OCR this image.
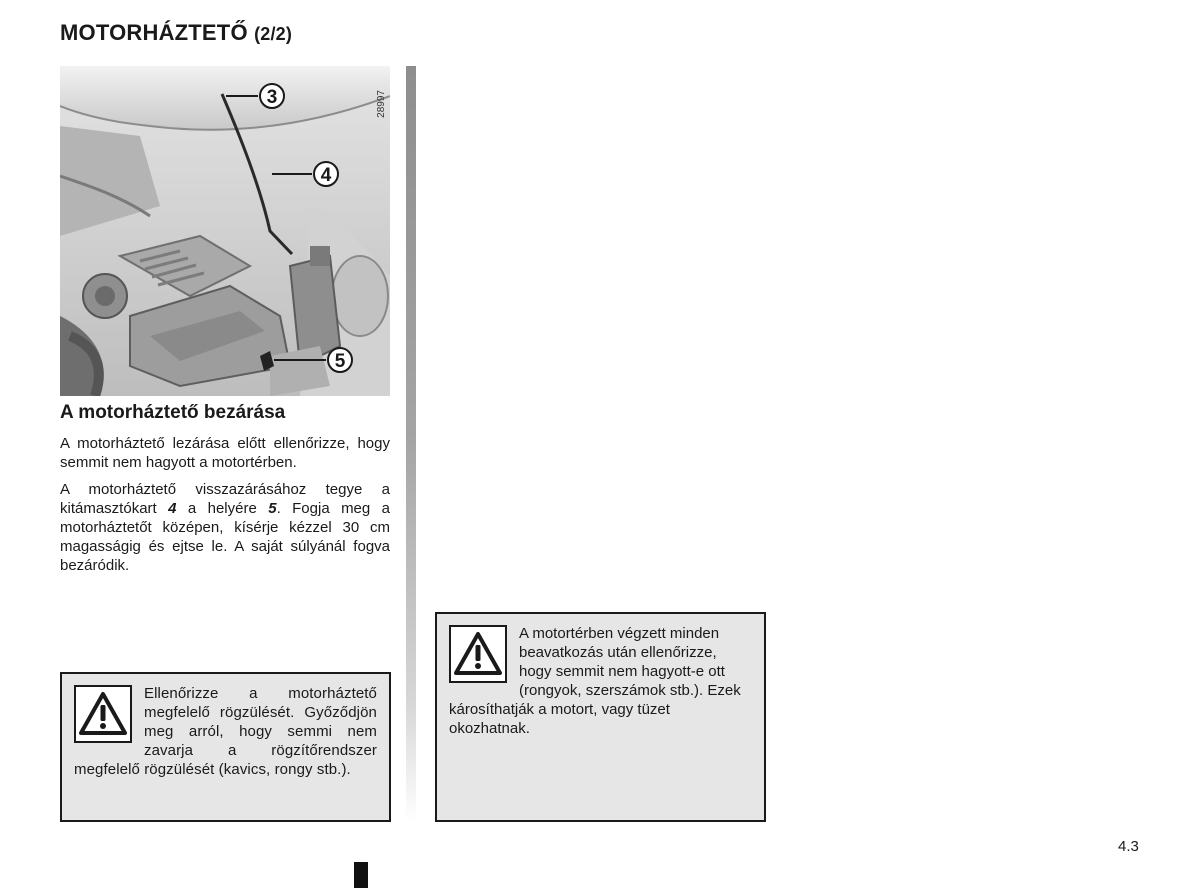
MOTORHÁZTETŐ (2/2)
3
4
5
28997
A motorháztető bezárása
A motorháztető lezárása előtt ellenőrizze, hogy semmit nem hagyott a motortérben.
A motorháztető visszazárásához tegye a kitámasztókart 4 a helyére 5. Fogja meg a motorháztetőt középen, kísérje kézzel 30 cm magasságig és ejtse le. A saját súlyánál fogva bezáródik.
Ellenőrizze a motorháztető megfelelő rögzülését. Győződjön meg arról, hogy semmi nem zavarja a rögzítőrendszer megfelelő rögzülését (kavics, rongy stb.).
A motortérben végzett minden beavatkozás után ellenőrizze, hogy semmit nem hagyott-e ott (rongyok, szerszámok stb.). Ezek károsíthatják a motort, vagy tüzet okozhatnak.
4.3
